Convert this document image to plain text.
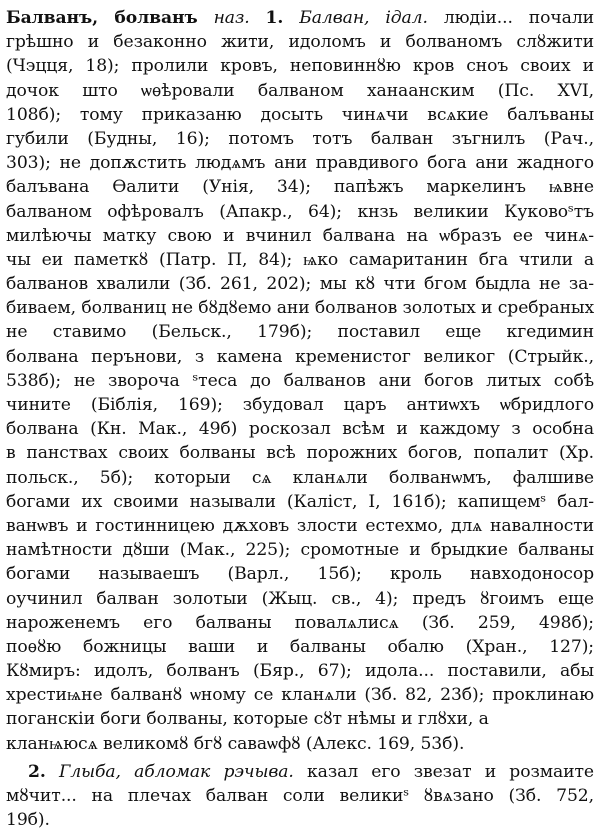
Балванъ, болванъ наз. 1. Балван, ідал. людіи... почали
грѣшно и безаконно жити, идоломъ и болваномъ слȣжити
(Чэцця, 18); пролили кровъ, неповиннȣю кров сноъ своих и
дочок што ѡѳѣровали балваном ханаанским (Пс. XVI,
108б); тому приказаню досыть чинѧчи всѧкие балъваны
губили (Будны, 16); потомъ тотъ балван зъгнилъ (Рач.,
303); не допѫстить людѧмъ ани правдивого бога ани жадного
балъвана Ѳалити (Унія, 34); папѣжъ маркелинъ ѩвне
балваном офѣровалъ (Апакр., 64); кнзь великии Куковоˢтъ
милѣючы матку свою и вчинил балвана на ѡбразъ ее чинѧ-
чы еи паметкȣ (Патр. П, 84); ѩко самаританин бга чтили а
балванов хвалили (Зб. 261, 202); мы кȣ чти бгом быдла не за-
биваем, болваниц не бȣдȣемо ани болванов золотых и сребраных
не ставимо (Бельск., 179б); поставил еще кгедимин
болвана перънови, з камена кременистог великог (Стрыйк.,
538б); не звороча ˢтеса до балванов ани богов литых собѣ
чините (Біблія, 169); збудовал царъ антиѡхъ ѡбридлого
болвана (Кн. Мак., 49б) роскозал всѣм и каждому з особна
в панствах своих болваны всѣ порожних богов, попалит (Хр.
польск., 5б); которыи сѧ кланѧли болванѡмъ, фалшиве
богами их своими называли (Каліст, І, 161б); капищемˢ бал-
ванѡвъ и гостинницею дѫховъ злости естехмо, длѧ навалности
намѣтности дȣши (Мак., 225); сромотные и брыдкие балваны
богами называешъ (Варл., 15б); кроль навходоносор
оучинил балван золотыи (Жыц. св., 4); предъ ȣгоимъ еще
нароженемъ его балваны повалѧлисѧ (Зб. 259, 498б);
поѳȣю божницы ваши и балваны обалю (Хран., 127);
Кȣмиръ: идолъ, болванъ (Бяр., 67); идола... поставили, абы
хрестиѩне балванȣ ѡному се кланѧли (Зб. 82, 23б); проклинаю
поганскіи боги болваны, которые сȣт нѣмы и глȣхи, а
кланѩюсѧ великомȣ бгȣ саваѡфȣ (Алекс. 169, 53б).
2. Глыба, абломак рэчыва. казал его звезат и розмаите
мȣчит... на плечах балван соли великиˢ ȣвѧзано (Зб. 752,
19б).
